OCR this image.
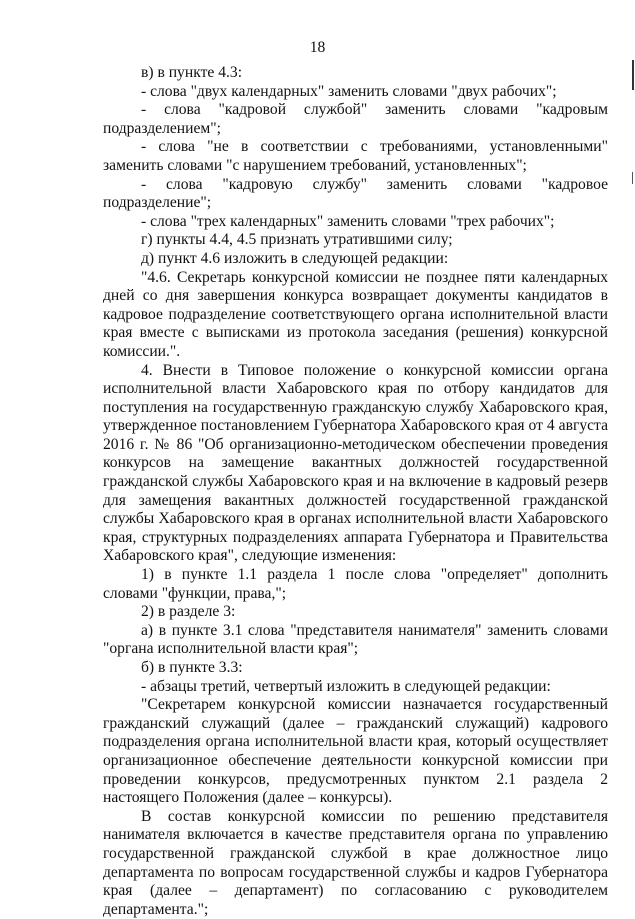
18

в) в пункте 4.3:

- слова "двух календарных" заменить словами "двух рабочих";

- слова "кадровой службой" заменить словами "кадровым подразделением";

- слова "не в соответствии с требованиями, установленными" заменить словами "с нарушением требований, установленных";

- слова "кадровую службу" заменить словами "кадровое подразделение";

- слова "трех календарных" заменить словами "трех рабочих";

г) пункты 4.4, 4.5 признать утратившими силу;

д) пункт 4.6 изложить в следующей редакции:

"4.6. Секретарь конкурсной комиссии не позднее пяти календарных дней со дня завершения конкурса возвращает документы кандидатов в кадровое подразделение соответствующего органа исполнительной власти края вместе с выписками из протокола заседания (решения) конкурсной комиссии.".

4. Внести в Типовое положение о конкурсной комиссии органа исполнительной власти Хабаровского края по отбору кандидатов для поступления на государственную гражданскую службу Хабаровского края, утвержденное постановлением Губернатора Хабаровского края от 4 августа 2016 г. № 86 "Об организационно-методическом обеспечении проведения конкурсов на замещение вакантных должностей государственной гражданской службы Хабаровского края и на включение в кадровый резерв для замещения вакантных должностей государственной гражданской службы Хабаровского края в органах исполнительной власти Хабаровского края, структурных подразделениях аппарата Губернатора и Правительства Хабаровского края", следующие изменения:

1) в пункте 1.1 раздела 1 после слова "определяет" дополнить словами "функции, права,";

2) в разделе 3:

а) в пункте 3.1 слова "представителя нанимателя" заменить словами "органа исполнительной власти края";

б) в пункте 3.3:

- абзацы третий, четвертый изложить в следующей редакции:

"Секретарем конкурсной комиссии назначается государственный гражданский служащий (далее – гражданский служащий) кадрового подразделения органа исполнительной власти края, который осуществляет организационное обеспечение деятельности конкурсной комиссии при проведении конкурсов, предусмотренных пунктом 2.1 раздела 2 настоящего Положения (далее – конкурсы).

В состав конкурсной комиссии по решению представителя нанимателя включается в качестве представителя органа по управлению государственной гражданской службой в крае должностное лицо департамента по вопросам государственной службы и кадров Губернатора края (далее – департамент) по согласованию с руководителем департамента.";
